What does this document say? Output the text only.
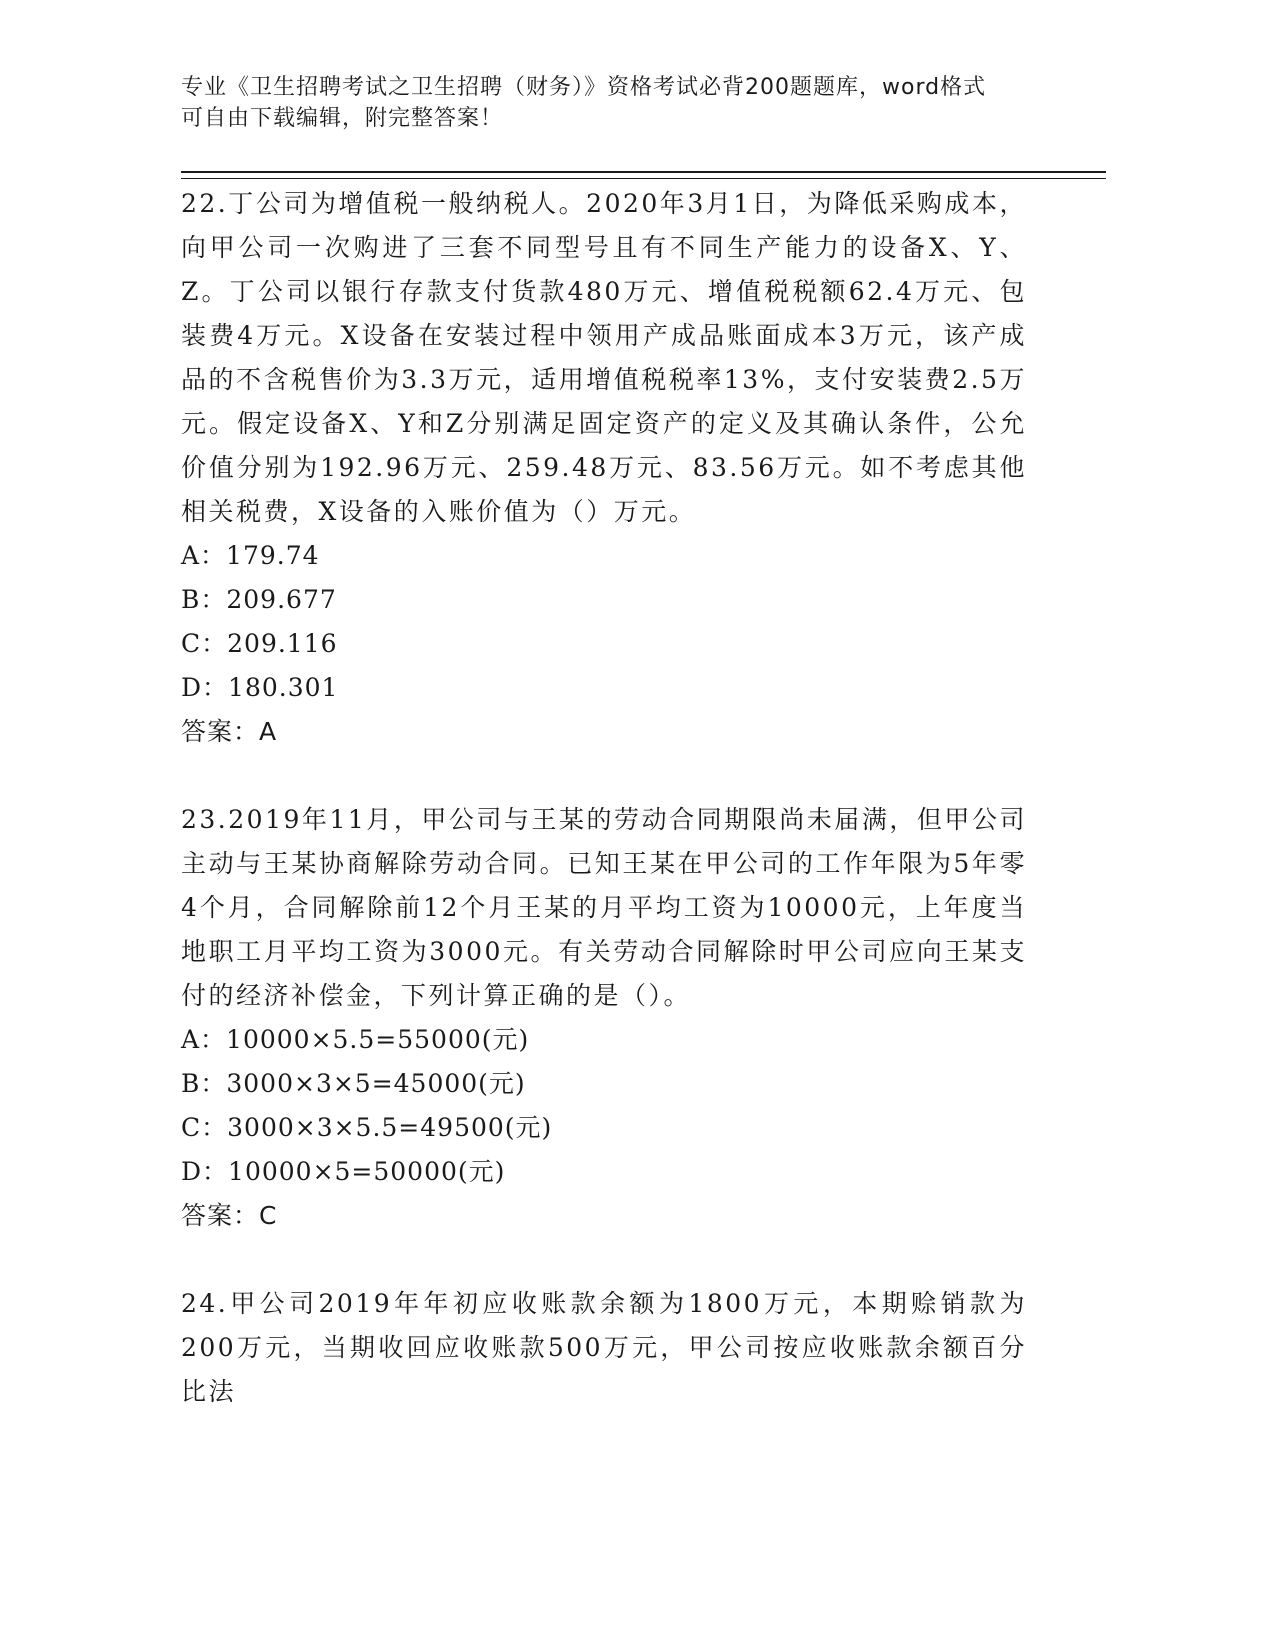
专业《卫生招聘考试之卫生招聘（财务）》资格考试必背200题题库，word格式
可自由下载编辑，附完整答案！

22.丁公司为增值税一般纳税人。2020年3月1日，为降低采购成本，向甲公司一次购进了三套不同型号且有不同生产能力的设备X、Y、Z。丁公司以银行存款支付货款480万元、增值税税额62.4万元、包装费4万元。X设备在安装过程中领用产成品账面成本3万元，该产成品的不含税售价为3.3万元，适用增值税税率13%，支付安装费2.5万元。假定设备X、Y和Z分别满足固定资产的定义及其确认条件，公允价值分别为192.96万元、259.48万元、83.56万元。如不考虑其他相关税费，X设备的入账价值为（）万元。

A：179.74
B：209.677
C：209.116
D：180.301
答案：A

23.2019年11月，甲公司与王某的劳动合同期限尚未届满，但甲公司主动与王某协商解除劳动合同。已知王某在甲公司的工作年限为5年零4个月，合同解除前12个月王某的月平均工资为10000元，上年度当地职工月平均工资为3000元。有关劳动合同解除时甲公司应向王某支付的经济补偿金，下列计算正确的是（）。

A：10000×5.5=55000(元)
B：3000×3×5=45000(元)
C：3000×3×5.5=49500(元)
D：10000×5=50000(元)
答案：C

24.甲公司2019年年初应收账款余额为1800万元，本期赊销款为200万元，当期收回应收账款500万元，甲公司按应收账款余额百分比法
